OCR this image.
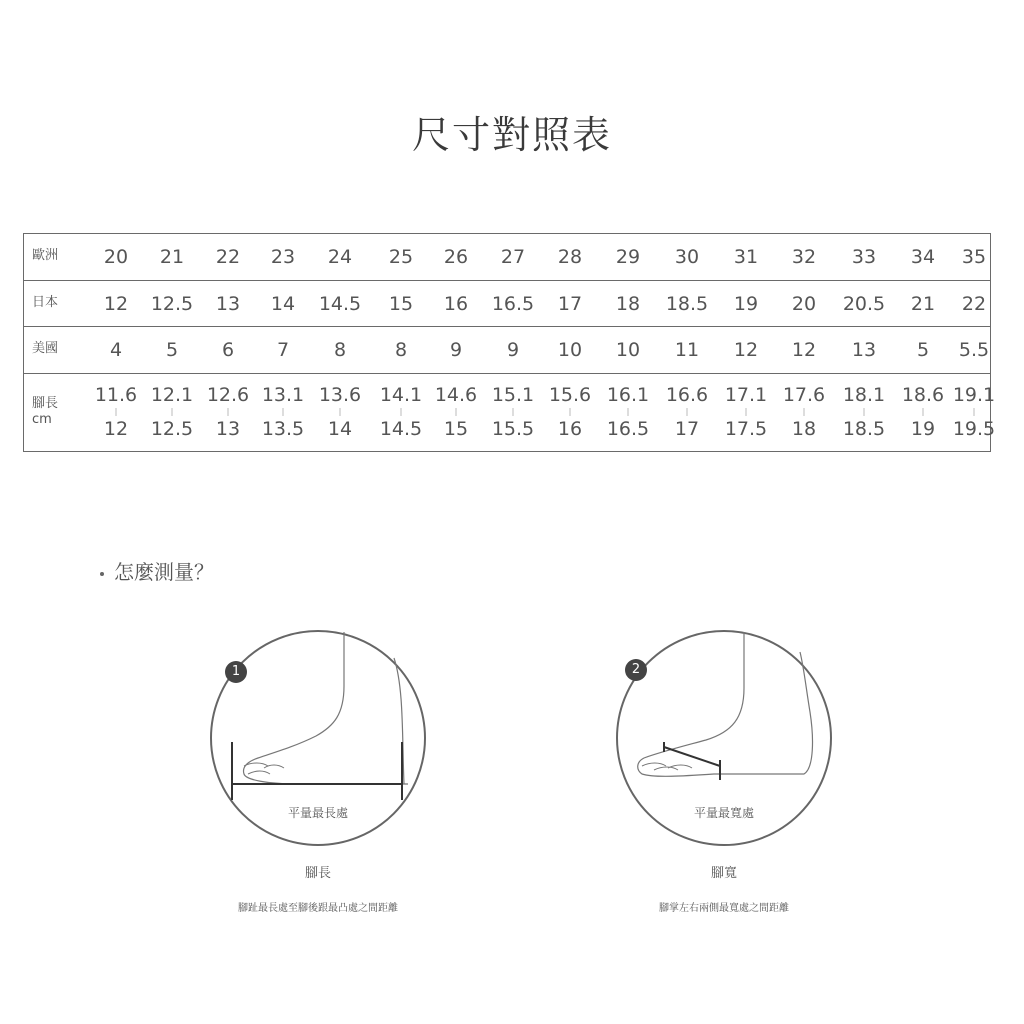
尺寸對照表
歐洲 20 21 22 23 24 25 26 27 28 29 30 31 32 33 34 35
日本 12 12.5 13 14 14.5 15 16 16.5 17 18 18.5 19 20 20.5 21 22
美國	4 5 6 7 8	8 9 9 10 10 11 12 12 13 5 5.5
腳長
cm
11.6 12.1 12.6 13.1 13.6 14.1 14.6 15.1 15.6 16.1 16.6 17.1 17.6 18.1 18.6 19.1
12 12.5 13 13.5 14 14.5 15 15.5 16 16.5 17 17.5 18 18.5 19 19.5
怎麼測量？
1
平量最長處
腳長
腳趾最長處至腳後跟最凸處之間距離
2
平量最寬處
腳寬
腳掌左右兩側最寬處之間距離
